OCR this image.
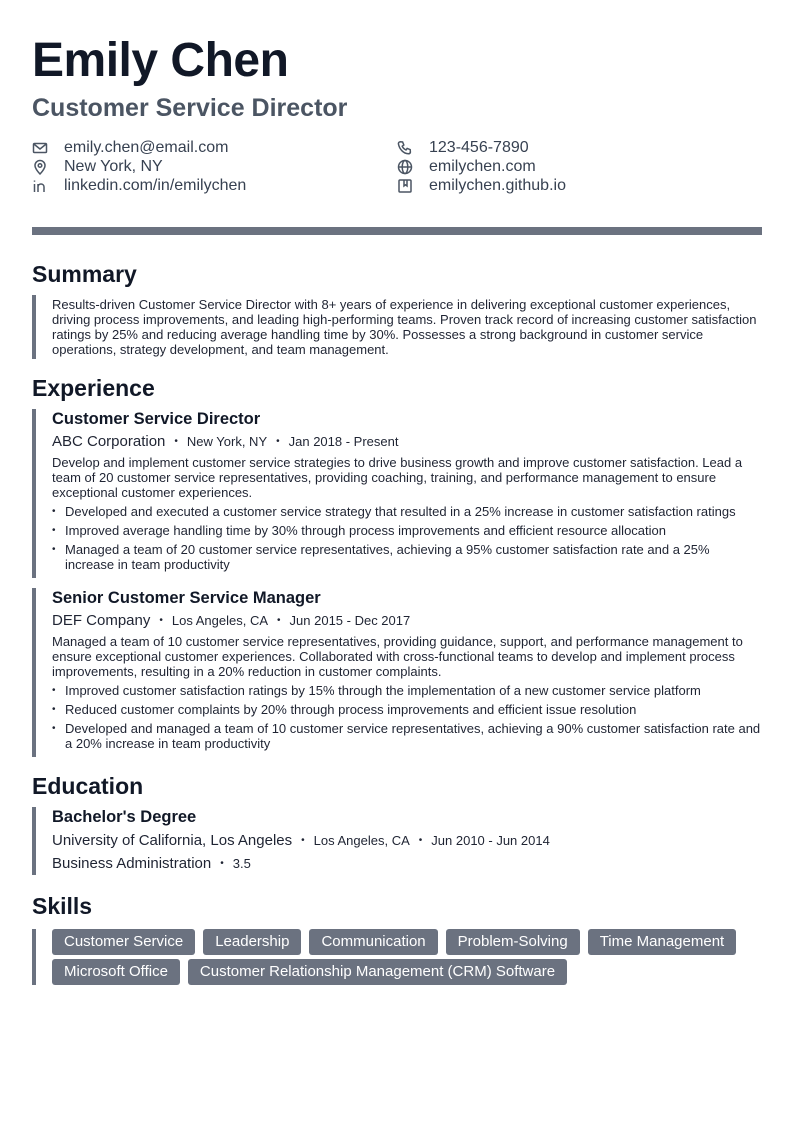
Emily Chen
Customer Service Director
emily.chen@email.com	123-456-7890
New York, NY	emilychen.com
linkedin.com/in/emilychen	emilychen.github.io
Summary
Results-driven Customer Service Director with 8+ years of experience in delivering exceptional customer experiences, driving process improvements, and leading high-performing teams. Proven track record of increasing customer satisfaction ratings by 25% and reducing average handling time by 30%. Possesses a strong background in customer service operations, strategy development, and team management.
Experience
Customer Service Director
ABC Corporation • New York, NY • Jan 2018 - Present
Develop and implement customer service strategies to drive business growth and improve customer satisfaction. Lead a team of 20 customer service representatives, providing coaching, training, and performance management to ensure exceptional customer experiences.
• Developed and executed a customer service strategy that resulted in a 25% increase in customer satisfaction ratings
• Improved average handling time by 30% through process improvements and efficient resource allocation
• Managed a team of 20 customer service representatives, achieving a 95% customer satisfaction rate and a 25% increase in team productivity
Senior Customer Service Manager
DEF Company • Los Angeles, CA • Jun 2015 - Dec 2017
Managed a team of 10 customer service representatives, providing guidance, support, and performance management to ensure exceptional customer experiences. Collaborated with cross-functional teams to develop and implement process improvements, resulting in a 20% reduction in customer complaints.
• Improved customer satisfaction ratings by 15% through the implementation of a new customer service platform
• Reduced customer complaints by 20% through process improvements and efficient issue resolution
• Developed and managed a team of 10 customer service representatives, achieving a 90% customer satisfaction rate and a 20% increase in team productivity
Education
Bachelor's Degree
University of California, Los Angeles • Los Angeles, CA • Jun 2010 - Jun 2014
Business Administration • 3.5
Skills
Customer Service	Leadership	Communication	Problem-Solving	Time Management
Microsoft Office	Customer Relationship Management (CRM) Software
